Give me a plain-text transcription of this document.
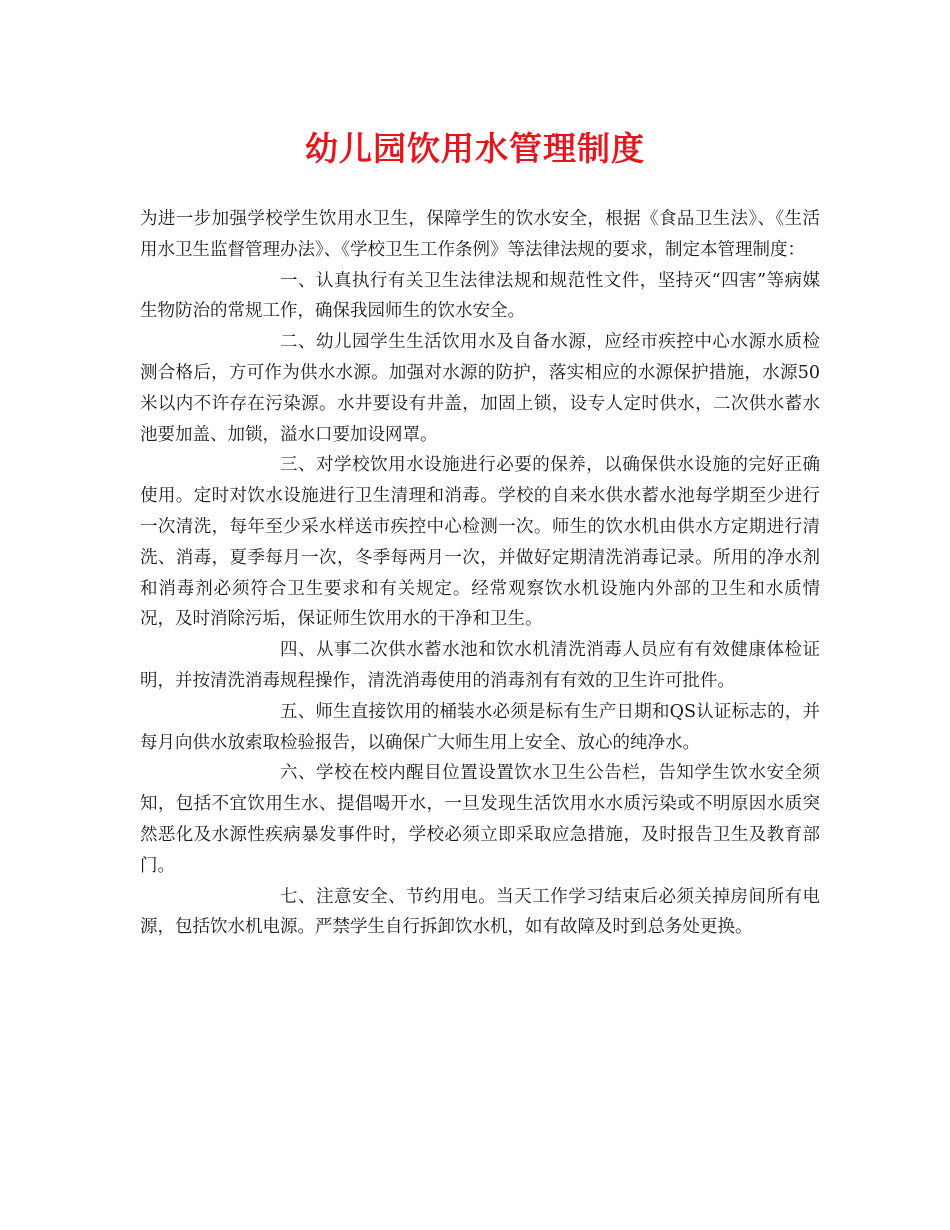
幼儿园饮用水管理制度

为进一步加强学校学生饮用水卫生，保障学生的饮水安全，根据《食品卫生法》、《生活用水卫生监督管理办法》、《学校卫生工作条例》等法律法规的要求，制定本管理制度：

一、认真执行有关卫生法律法规和规范性文件，坚持灭“四害”等病媒生物防治的常规工作，确保我园师生的饮水安全。

二、幼儿园学生生活饮用水及自备水源，应经市疾控中心水源水质检测合格后，方可作为供水水源。加强对水源的防护，落实相应的水源保护措施，水源50米以内不许存在污染源。水井要设有井盖，加固上锁，设专人定时供水，二次供水蓄水池要加盖、加锁，溢水口要加设网罩。

三、对学校饮用水设施进行必要的保养，以确保供水设施的完好正确使用。定时对饮水设施进行卫生清理和消毒。学校的自来水供水蓄水池每学期至少进行一次清洗，每年至少采水样送市疾控中心检测一次。师生的饮水机由供水方定期进行清洗、消毒，夏季每月一次，冬季每两月一次，并做好定期清洗消毒记录。所用的净水剂和消毒剂必须符合卫生要求和有关规定。经常观察饮水机设施内外部的卫生和水质情况，及时消除污垢，保证师生饮用水的干净和卫生。

四、从事二次供水蓄水池和饮水机清洗消毒人员应有有效健康体检证明，并按清洗消毒规程操作，清洗消毒使用的消毒剂有有效的卫生许可批件。

五、师生直接饮用的桶装水必须是标有生产日期和QS认证标志的，并每月向供水放索取检验报告，以确保广大师生用上安全、放心的纯净水。

六、学校在校内醒目位置设置饮水卫生公告栏，告知学生饮水安全须知，包括不宜饮用生水、提倡喝开水，一旦发现生活饮用水水质污染或不明原因水质突然恶化及水源性疾病暴发事件时，学校必须立即采取应急措施，及时报告卫生及教育部门。

七、注意安全、节约用电。当天工作学习结束后必须关掉房间所有电源，包括饮水机电源。严禁学生自行拆卸饮水机，如有故障及时到总务处更换。
